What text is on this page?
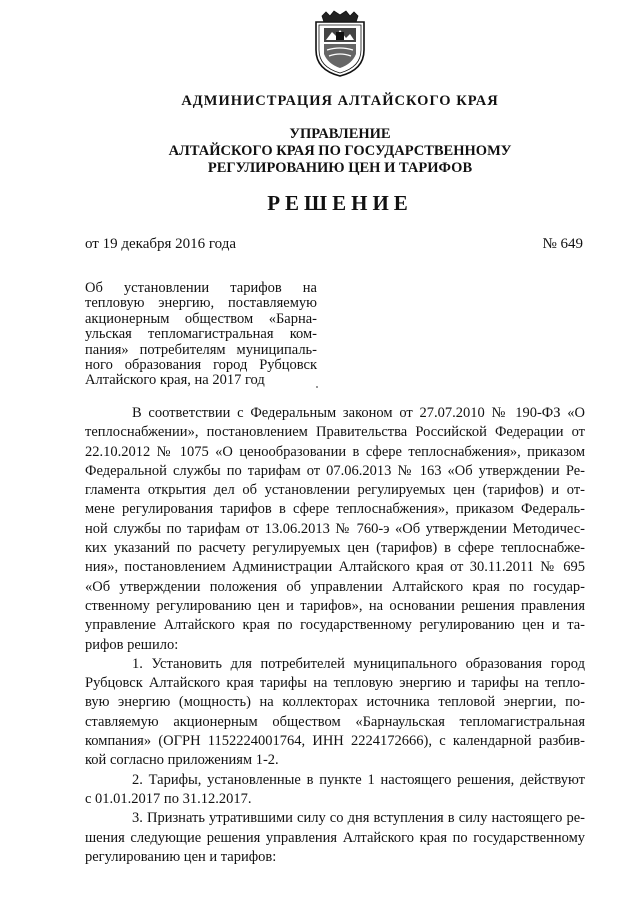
АДМИНИСТРАЦИЯ АЛТАЙСКОГО КРАЯ
УПРАВЛЕНИЕ
АЛТАЙСКОГО КРАЯ ПО ГОСУДАРСТВЕННОМУ
РЕГУЛИРОВАНИЮ ЦЕН И ТАРИФОВ
РЕШЕНИЕ
от 19 декабря 2016 года	№ 649
Об установлении тарифов на
тепловую энергию, поставляемую
акционерным обществом «Барна-
ульская тепломагистральная ком-
пания» потребителям муниципаль-
ного образования город Рубцовск
Алтайского края, на 2017 год
В соответствии с Федеральным законом от 27.07.2010 № 190-ФЗ «О
теплоснабжении», постановлением Правительства Российской Федерации от
22.10.2012 № 1075 «О ценообразовании в сфере теплоснабжения», приказом
Федеральной службы по тарифам от 07.06.2013 № 163 «Об утверждении Ре-
гламента открытия дел об установлении регулируемых цен (тарифов) и от-
мене регулирования тарифов в сфере теплоснабжения», приказом Федераль-
ной службы по тарифам от 13.06.2013 № 760-э «Об утверждении Методичес-
ких указаний по расчету регулируемых цен (тарифов) в сфере теплоснабже-
ния», постановлением Администрации Алтайского края от 30.11.2011 № 695
«Об утверждении положения об управлении Алтайского края по государ-
ственному регулированию цен и тарифов», на основании решения правления
управление Алтайского края по государственному регулированию цен и та-
рифов решило:
1. Установить для потребителей муниципального образования город
Рубцовск Алтайского края тарифы на тепловую энергию и тарифы на тепло-
вую энергию (мощность) на коллекторах источника тепловой энергии, по-
ставляемую акционерным обществом «Барнаульская тепломагистральная
компания» (ОГРН 1152224001764, ИНН 2224172666), с календарной разбив-
кой согласно приложениям 1-2.
2. Тарифы, установленные в пункте 1 настоящего решения, действуют
с 01.01.2017 по 31.12.2017.
3. Признать утратившими силу со дня вступления в силу настоящего ре-
шения следующие решения управления Алтайского края по государственному
регулированию цен и тарифов:
